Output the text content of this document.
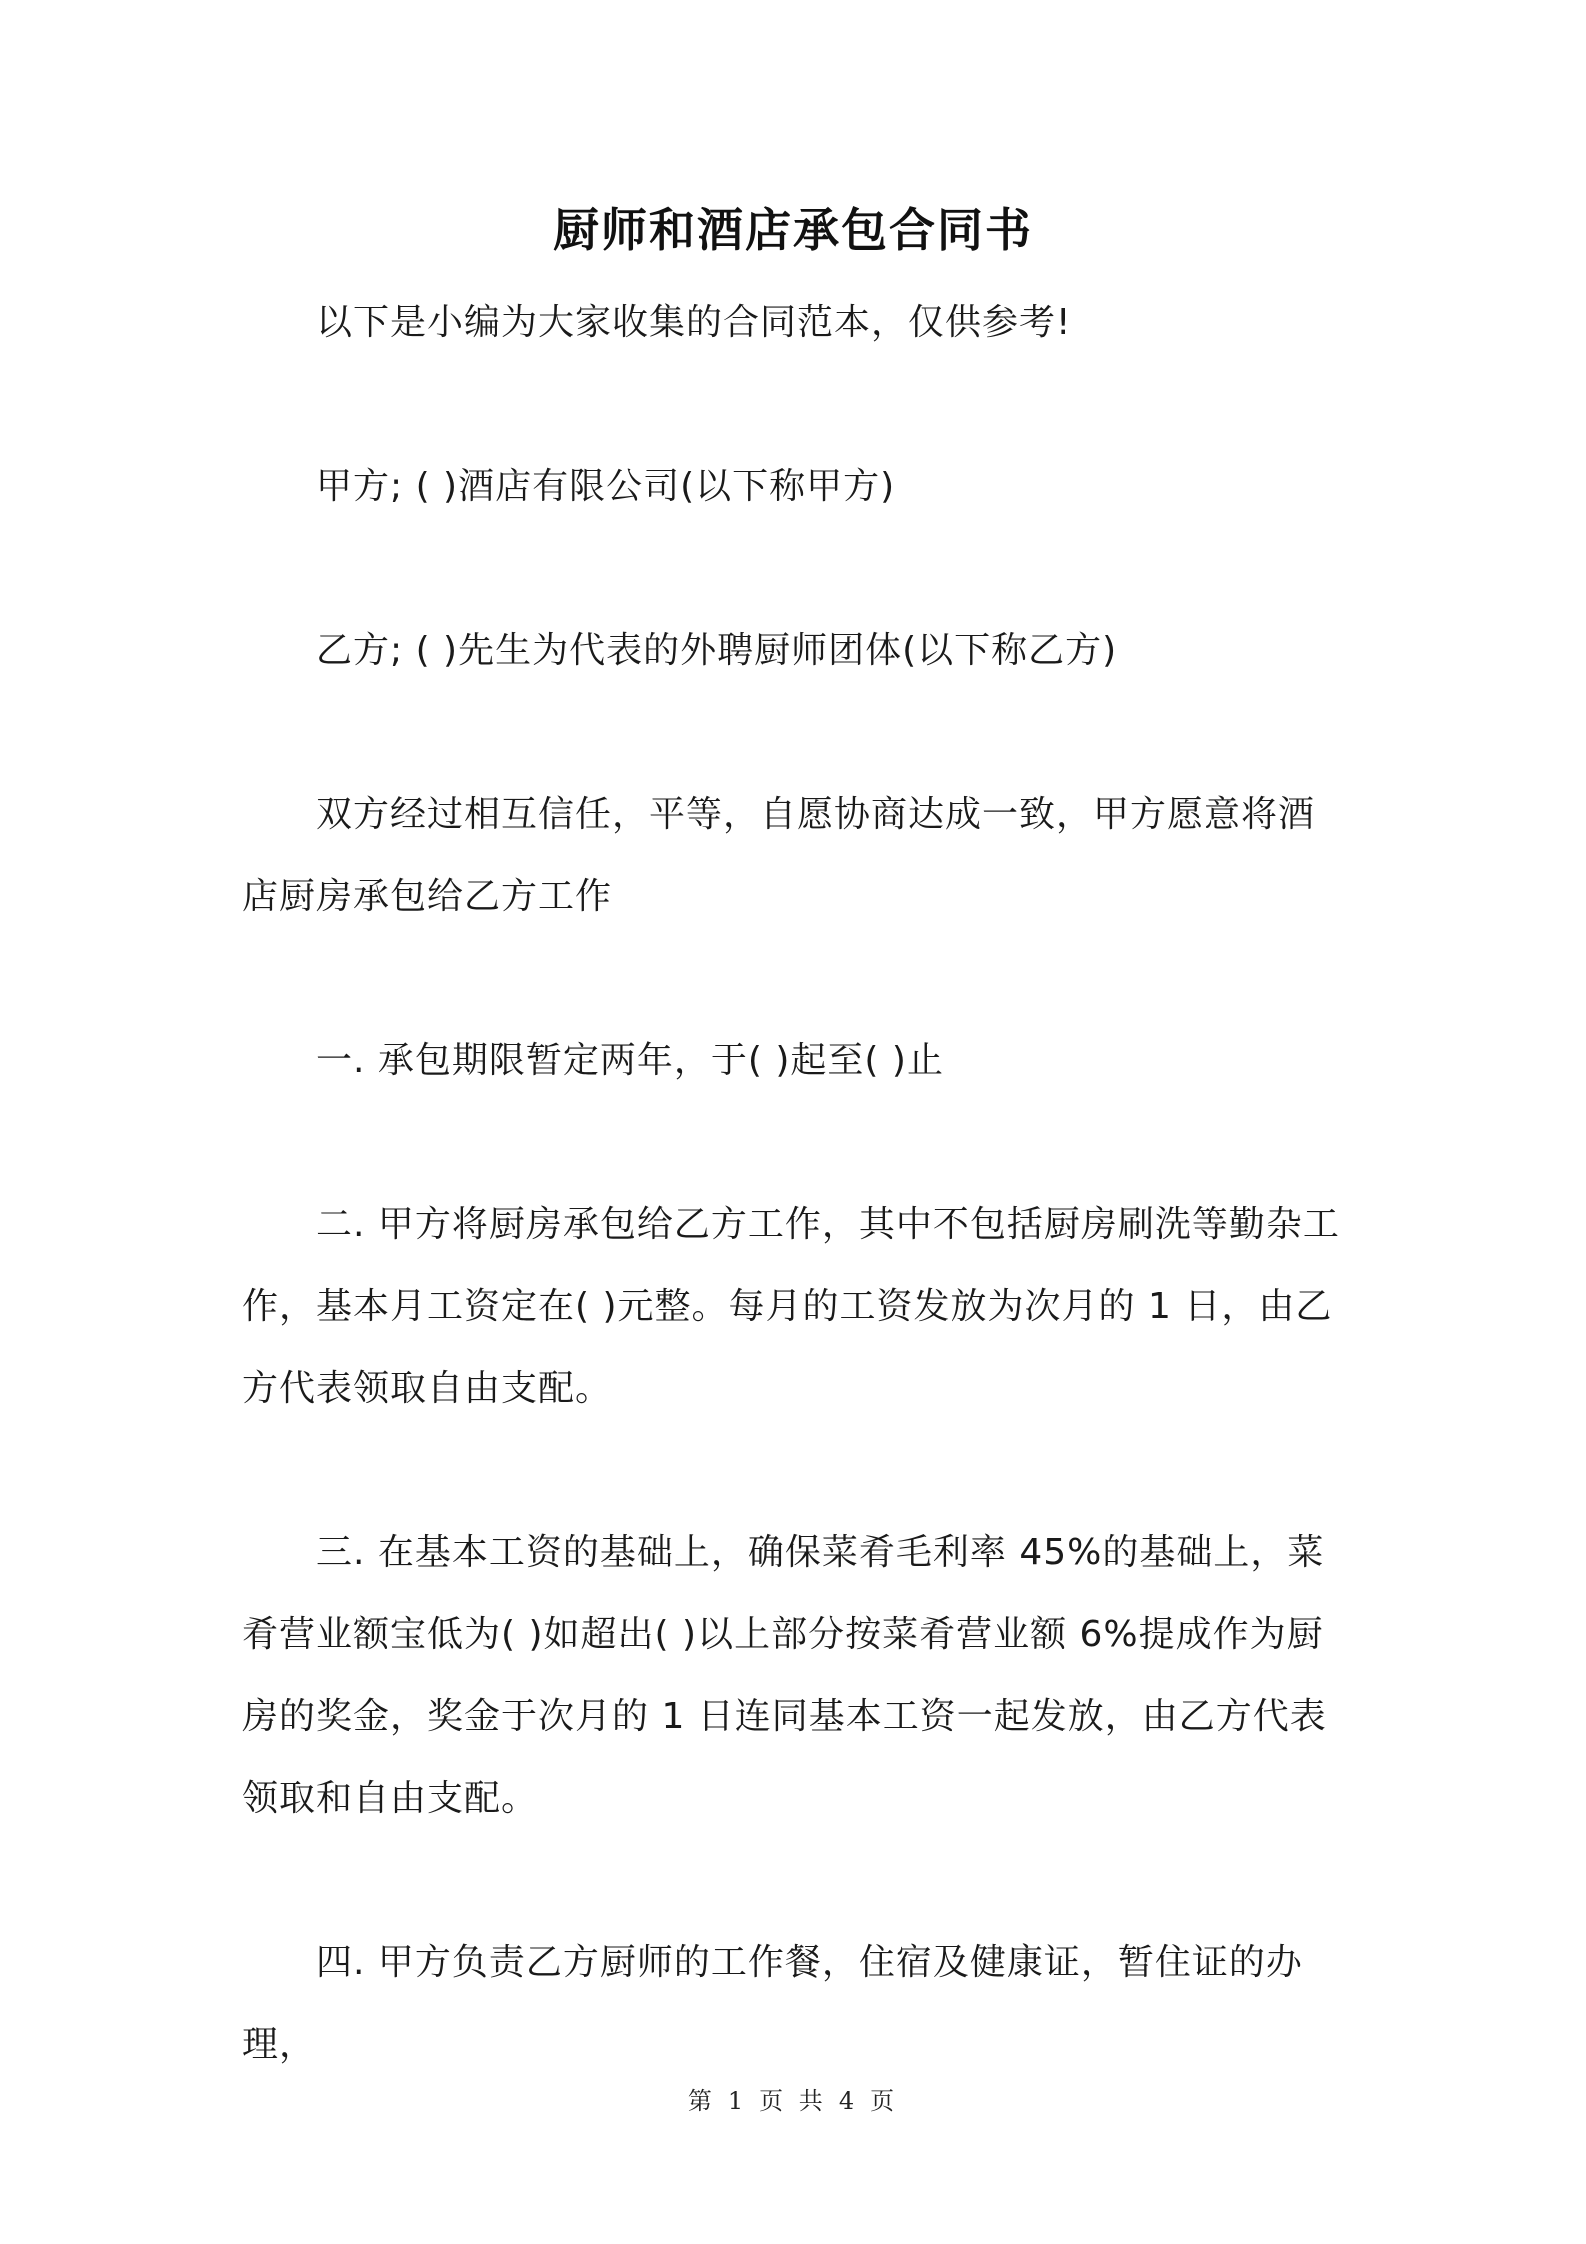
厨师和酒店承包合同书

以下是小编为大家收集的合同范本，仅供参考!

甲方; ( )酒店有限公司(以下称甲方)

乙方; ( )先生为代表的外聘厨师团体(以下称乙方)

双方经过相互信任，平等，自愿协商达成一致，甲方愿意将酒店厨房承包给乙方工作

一. 承包期限暂定两年，于( )起至( )止

二. 甲方将厨房承包给乙方工作，其中不包括厨房刷洗等勤杂工作，基本月工资定在( )元整。每月的工资发放为次月的 1 日，由乙方代表领取自由支配。

三. 在基本工资的基础上，确保菜肴毛利率 45%的基础上，菜肴营业额宝低为( )如超出( )以上部分按菜肴营业额 6%提成作为厨房的奖金，奖金于次月的 1 日连同基本工资一起发放，由乙方代表领取和自由支配。

四. 甲方负责乙方厨师的工作餐，住宿及健康证，暂住证的办理，

第 1 页 共 4 页
